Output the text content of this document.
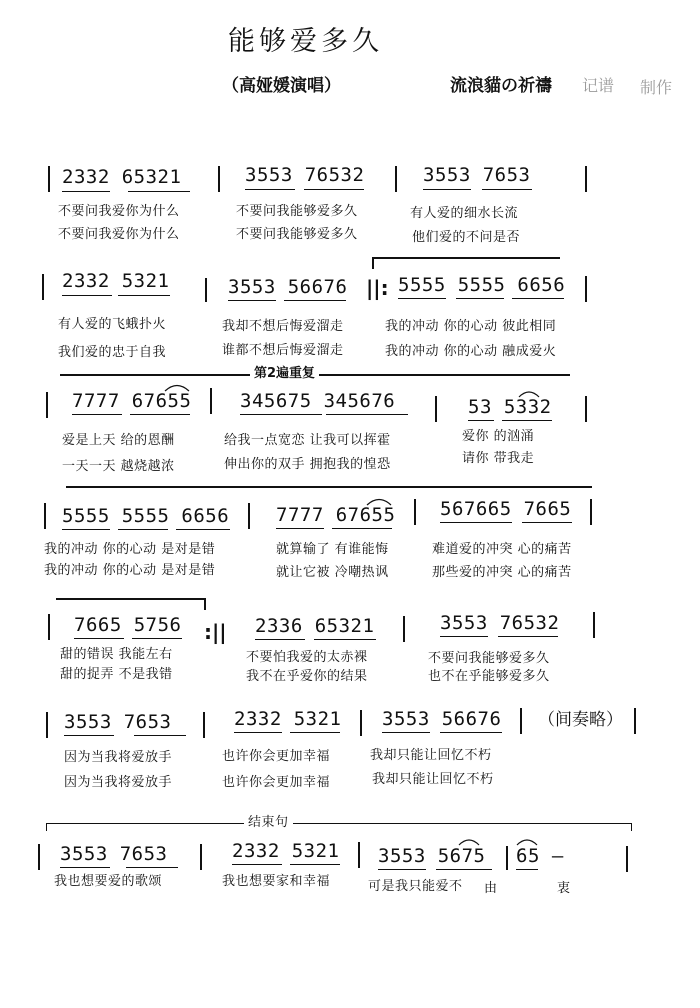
能够爱多久
（高娅媛演唱）	流浪貓の祈禱 记谱 制作
2332 65321	3553 76532	3553 7653
不要问我爱你为什么	不要问我能够爱多久	有人爱的细水长流
不要问我爱你为什么	不要问我能够爱多久	他们爱的不问是否
||:
2332 5321	3553 56676	5555 5555 6656
有人爱的飞蛾扑火	我却不想后悔爱溜走	我的冲动 你的心动 彼此相同
我们爱的忠于自我	谁都不想后悔爱溜走	我的冲动 你的心动 融成爱火
第2遍重复
7777 67655	345675 345676	53 5332
爱是上天 给的恩酬	给我一点宽恋 让我可以挥霍	爱你 的汹涌
一天一天 越烧越浓	伸出你的双手 拥抱我的惶恐	请你 带我走
5555 5555 6656 7777 67655 567665 7665
我的冲动 你的心动 是对是错	就算输了 有谁能悔	难道爱的冲突 心的痛苦
我的冲动 你的心动 是对是错	就让它被 冷嘲热讽	那些爱的冲突 心的痛苦
:||
7665 5756	2336 65321	3553 76532
甜的错误 我能左右	不要怕我爱的太赤裸	不要问我能够爱多久
甜的捉弄 不是我错	我不在乎爱你的结果	也不在乎能够爱多久
3553 7653	2332 5321 3553 56676 （间奏略）
因为当我将爱放手	也许你会更加幸福	我却只能让回忆不朽
因为当我将爱放手	也许你会更加幸福	我却只能让回忆不朽
结束句
3553 7653	2332 5321 3553 5675 65 —
我也想要爱的歌颂	我也想要家和幸福	可是我只能爱不 由	衷
